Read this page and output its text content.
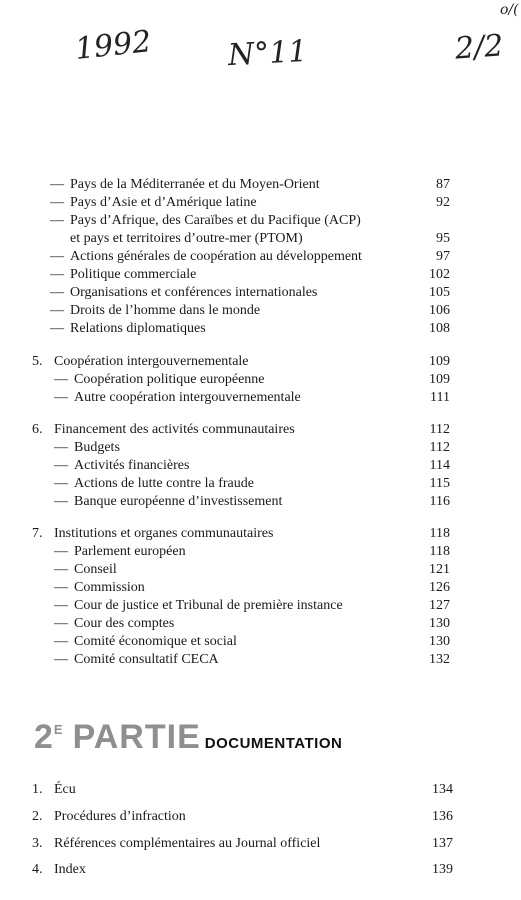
1992 N°11	2/2
o/(
— Pays de la Méditerranée et du Moyen-Orient	87
— Pays d’Asie et d’Amérique latine	92
— Pays d’Afrique, des Caraïbes et du Pacifique (ACP)
et pays et territoires d’outre-mer (PTOM)	95
— Actions générales de coopération au développement	97
— Politique commerciale	102
— Organisations et conférences internationales	105
— Droits de l’homme dans le monde	106
— Relations diplomatiques	108
5. Coopération intergouvernementale	109
— Coopération politique européenne	109
— Autre coopération intergouvernementale	111
6. Financement des activités communautaires	112
— Budgets	112
— Activités financières	114
— Actions de lutte contre la fraude	115
— Banque européenne d’investissement	116
7. Institutions et organes communautaires	118
— Parlement européen	118
— Conseil	121
— Commission	126
— Cour de justice et Tribunal de première instance	127
— Cour des comptes	130
— Comité économique et social	130
— Comité consultatif CECA	132
2 E PARTIE DOCUMENTATION
1. Écu	134
2. Procédures d’infraction	136
3. Références complémentaires au Journal officiel	137
4. Index	139
